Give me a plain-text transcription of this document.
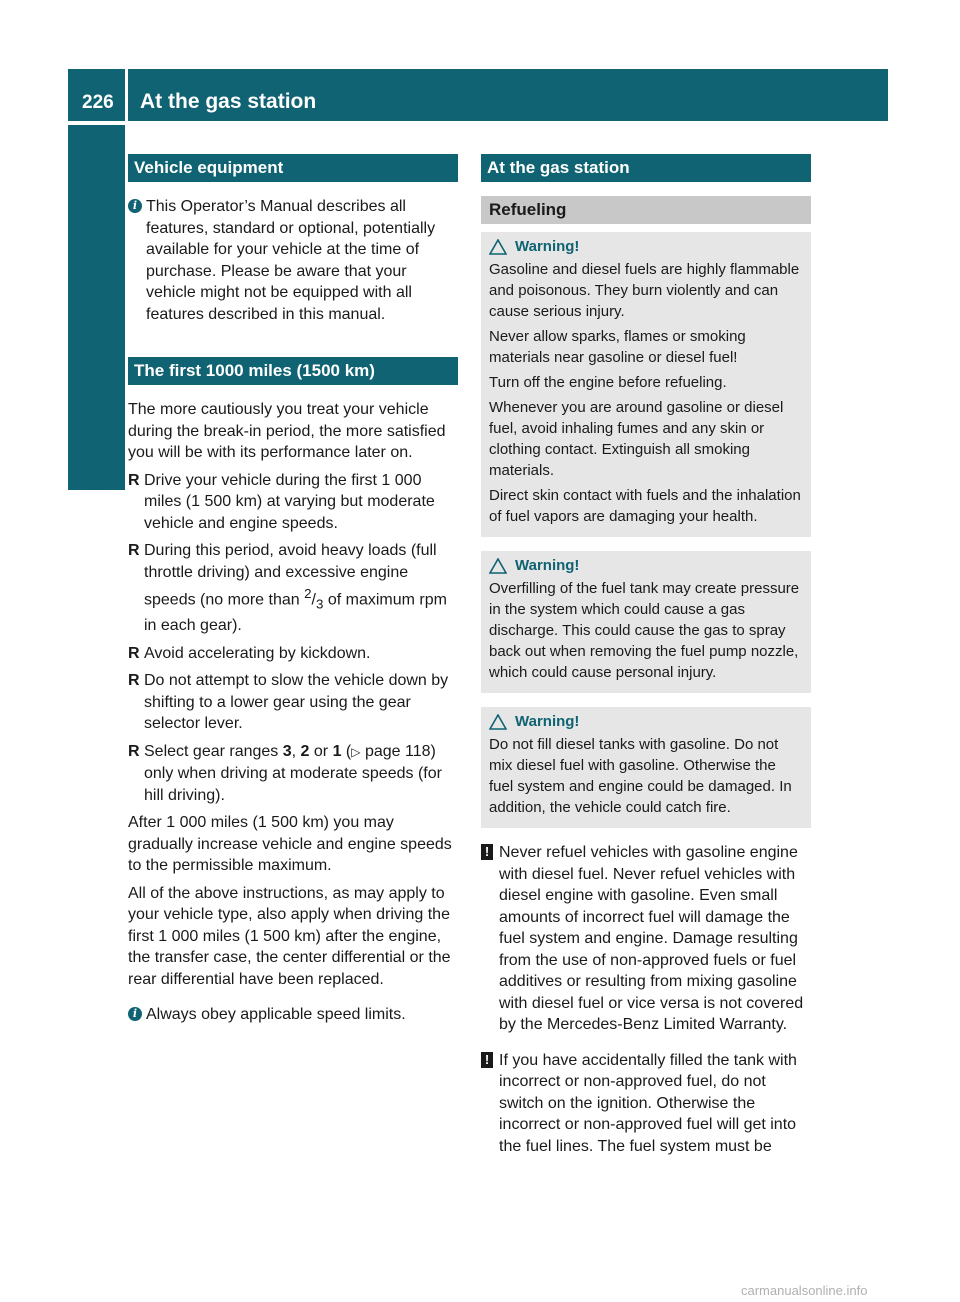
226 At the gas station
Operation
Vehicle equipment
i This Operator’s Manual describes all features, standard or optional, potentially available for your vehicle at the time of purchase. Please be aware that your vehicle might not be equipped with all features described in this manual.
The first 1000 miles (1500 km)

The more cautiously you treat your vehicle during the break-in period, the more satisfied you will be with its performance later on.

R Drive your vehicle during the first 1 000 miles (1 500 km) at varying but moderate vehicle and engine speeds.
R During this period, avoid heavy loads (full throttle driving) and excessive engine speeds (no more than $^2/_3$ of maximum rpm in each gear).
R Avoid accelerating by kickdown.
R Do not attempt to slow the vehicle down by shifting to a lower gear using the gear selector lever.
R Select gear ranges 3, 2 or 1 (▷ page 118) only when driving at moderate speeds (for hill driving).

After 1 000 miles (1 500 km) you may gradually increase vehicle and engine speeds to the permissible maximum.

All of the above instructions, as may apply to your vehicle type, also apply when driving the first 1 000 miles (1 500 km) after the engine, the transfer case, the center differential or the rear differential have been replaced.

i Always obey applicable speed limits.
At the gas station
Refueling
Warning!

Gasoline and diesel fuels are highly flammable and poisonous. They burn violently and can cause serious injury.

Never allow sparks, flames or smoking materials near gasoline or diesel fuel!

Turn off the engine before refueling.

Whenever you are around gasoline or diesel fuel, avoid inhaling fumes and any skin or clothing contact. Extinguish all smoking materials.

Direct skin contact with fuels and the inhalation of fuel vapors are damaging your health.

Warning!

Overfilling of the fuel tank may create pressure in the system which could cause a gas discharge. This could cause the gas to spray back out when removing the fuel pump nozzle, which could cause personal injury.

Warning!

Do not fill diesel tanks with gasoline. Do not mix diesel fuel with gasoline. Otherwise the fuel system and engine could be damaged. In addition, the vehicle could catch fire.

! Never refuel vehicles with gasoline engine with diesel fuel. Never refuel vehicles with diesel engine with gasoline. Even small amounts of incorrect fuel will damage the fuel system and engine. Damage resulting from the use of non-approved fuels or fuel additives or resulting from mixing gasoline with diesel fuel or vice versa is not covered by the Mercedes-Benz Limited Warranty.
! If you have accidentally filled the tank with incorrect or non-approved fuel, do not switch on the ignition. Otherwise the incorrect or non-approved fuel will get into the fuel lines. The fuel system must be
carmanualsonline.info
